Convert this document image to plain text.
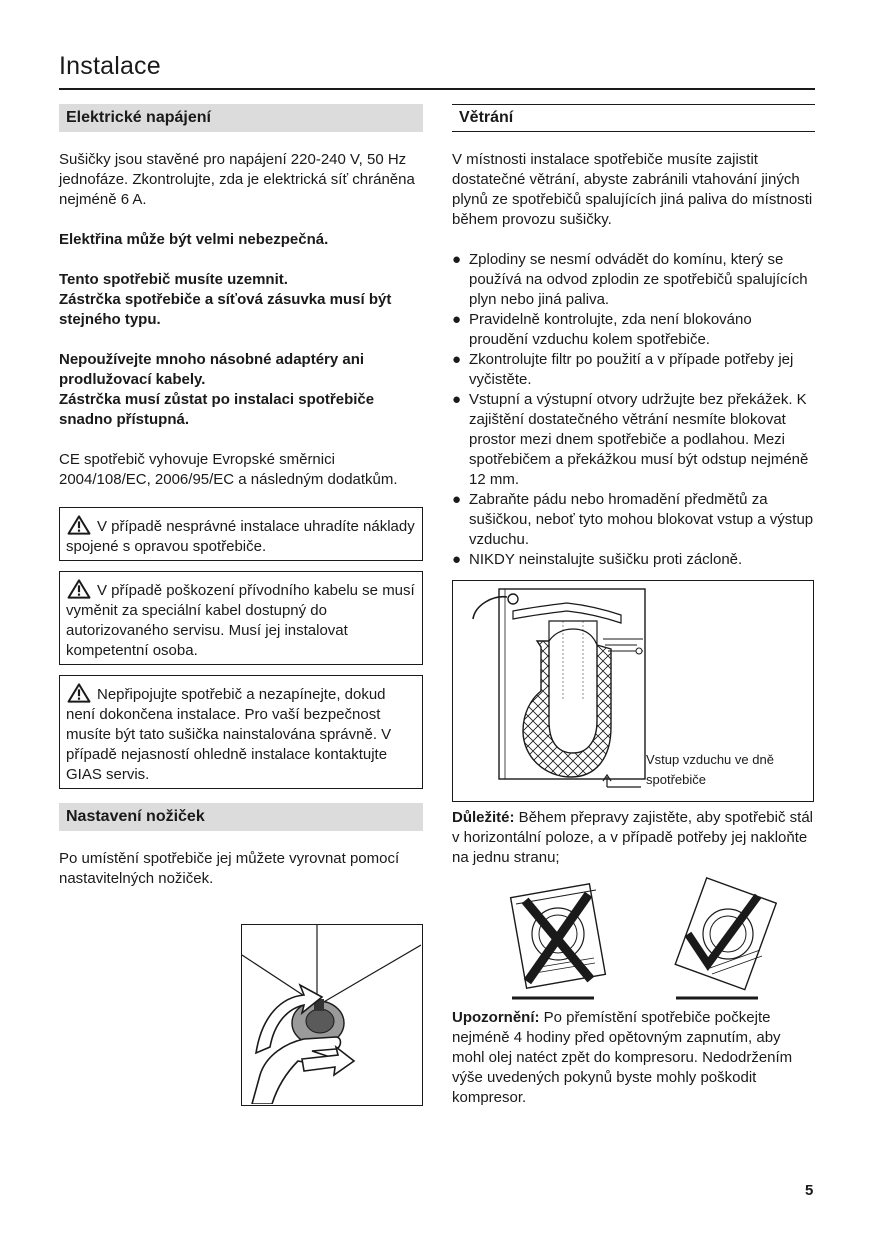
Instalace
Elektrické napájení

Sušičky jsou stavěné pro napájení 220-240 V, 50 Hz jednofáze. Zkontrolujte, zda je elektrická síť chráněna nejméně 6 A.

Elektřina může být velmi nebezpečná.

Tento spotřebič musíte uzemnit.

Zástrčka spotřebiče a síťová zásuvka musí být stejného typu.

Nepoužívejte mnoho násobné adaptéry ani prodlužovací kabely.

Zástrčka musí zůstat po instalaci spotřebiče snadno přístupná.

CE spotřebič vyhovuje Evropské směrnici 2004/108/EC, 2006/95/EC a následným dodatkům.

V případě nesprávné instalace uhradíte náklady spojené s opravou spotřebiče.
V případě poškození přívodního kabelu se musí vyměnit za speciální kabel dostupný do autorizovaného servisu. Musí jej instalovat kompetentní osoba.
Nepřipojujte spotřebič a nezapínejte, dokud není dokončena instalace. Pro vaší bezpečnost musíte být tato sušička nainstalována správně. V případě nejasností ohledně instalace kontaktujte GIAS servis.
Nastavení nožiček

Po umístění spotřebiče jej můžete vyrovnat pomocí nastavitelných nožiček.

Větrání

V místnosti instalace spotřebiče musíte zajistit dostatečné větrání, abyste zabránili vtahování jiných plynů ze spotřebičů spalujících jiná paliva do místnosti během provozu sušičky.

● Zplodiny se nesmí odvádět do komínu, který se používá na odvod zplodin ze spotřebičů spalujících plyn nebo jiná paliva.
● Pravidelně kontrolujte, zda není blokováno proudění vzduchu kolem spotřebiče.
● Zkontrolujte filtr po použití a v případe potřeby jej vyčistěte.
● Vstupní a výstupní otvory udržujte bez překážek. K zajištění dostatečného větrání nesmíte blokovat prostor mezi dnem spotřebiče a podlahou. Mezi spotřebičem a překážkou musí být odstup nejméně 12 mm.
● Zabraňte pádu nebo hromadění předmětů za sušičkou, neboť tyto mohou blokovat vstup a výstup vzduchu.
● NIKDY neinstalujte sušičku proti zácloně.
Vstup vzduchu ve dně
spotřebiče

Důležité: Během přepravy zajistěte, aby spotřebič stál v horizontální poloze, a v případě potřeby jej nakloňte na jednu stranu;

Upozornění: Po přemístění spotřebiče počkejte nejméně 4 hodiny před opětovným zapnutím, aby mohl olej natéct zpět do kompresoru. Nedodržením výše uvedených pokynů byste mohly poškodit kompresor.

5
